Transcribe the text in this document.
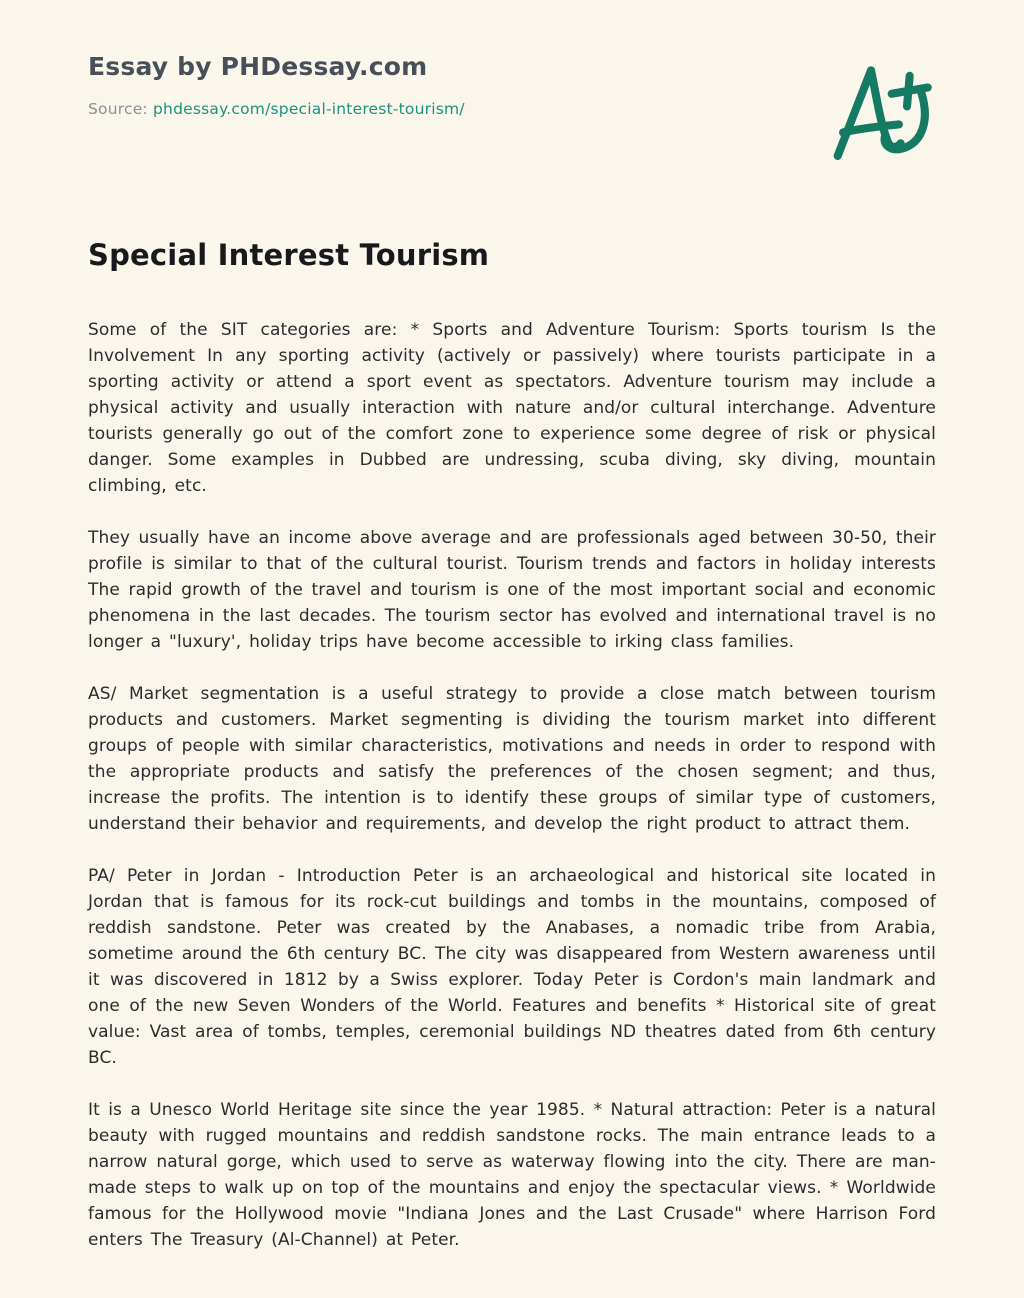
Essay by PHDessay.com
Source: phdessay.com/special-interest-tourism/
Special Interest Tourism

Some of the SIT categories are: * Sports and Adventure Tourism: Sports tourism Is the Involvement In any sporting activity (actively or passively) where tourists participate in a sporting activity or attend a sport event as spectators. Adventure tourism may include a physical activity and usually interaction with nature and/or cultural interchange. Adventure tourists generally go out of the comfort zone to experience some degree of risk or physical danger. Some examples in Dubbed are undressing, scuba diving, sky diving, mountain climbing, etc.

They usually have an income above average and are professionals aged between 30-50, their profile is similar to that of the cultural tourist. Tourism trends and factors in holiday interests The rapid growth of the travel and tourism is one of the most important social and economic phenomena in the last decades. The tourism sector has evolved and international travel is no longer a "luxury', holiday trips have become accessible to irking class families.

AS/ Market segmentation is a useful strategy to provide a close match between tourism products and customers. Market segmenting is dividing the tourism market into different groups of people with similar characteristics, motivations and needs in order to respond with the appropriate products and satisfy the preferences of the chosen segment; and thus, increase the profits. The intention is to identify these groups of similar type of customers, understand their behavior and requirements, and develop the right product to attract them.

PA/ Peter in Jordan - Introduction Peter is an archaeological and historical site located in Jordan that is famous for its rock-cut buildings and tombs in the mountains, composed of reddish sandstone. Peter was created by the Anabases, a nomadic tribe from Arabia, sometime around the 6th century BC. The city was disappeared from Western awareness until it was discovered in 1812 by a Swiss explorer. Today Peter is Cordon's main landmark and one of the new Seven Wonders of the World. Features and benefits * Historical site of great value: Vast area of tombs, temples, ceremonial buildings ND theatres dated from 6th century BC.

It is a Unesco World Heritage site since the year 1985. * Natural attraction: Peter is a natural beauty with rugged mountains and reddish sandstone rocks. The main entrance leads to a narrow natural gorge, which used to serve as waterway flowing into the city. There are man-made steps to walk up on top of the mountains and enjoy the spectacular views. * Worldwide famous for the Hollywood movie "Indiana Jones and the Last Crusade" where Harrison Ford enters The Treasury (Al-Channel) at Peter.
